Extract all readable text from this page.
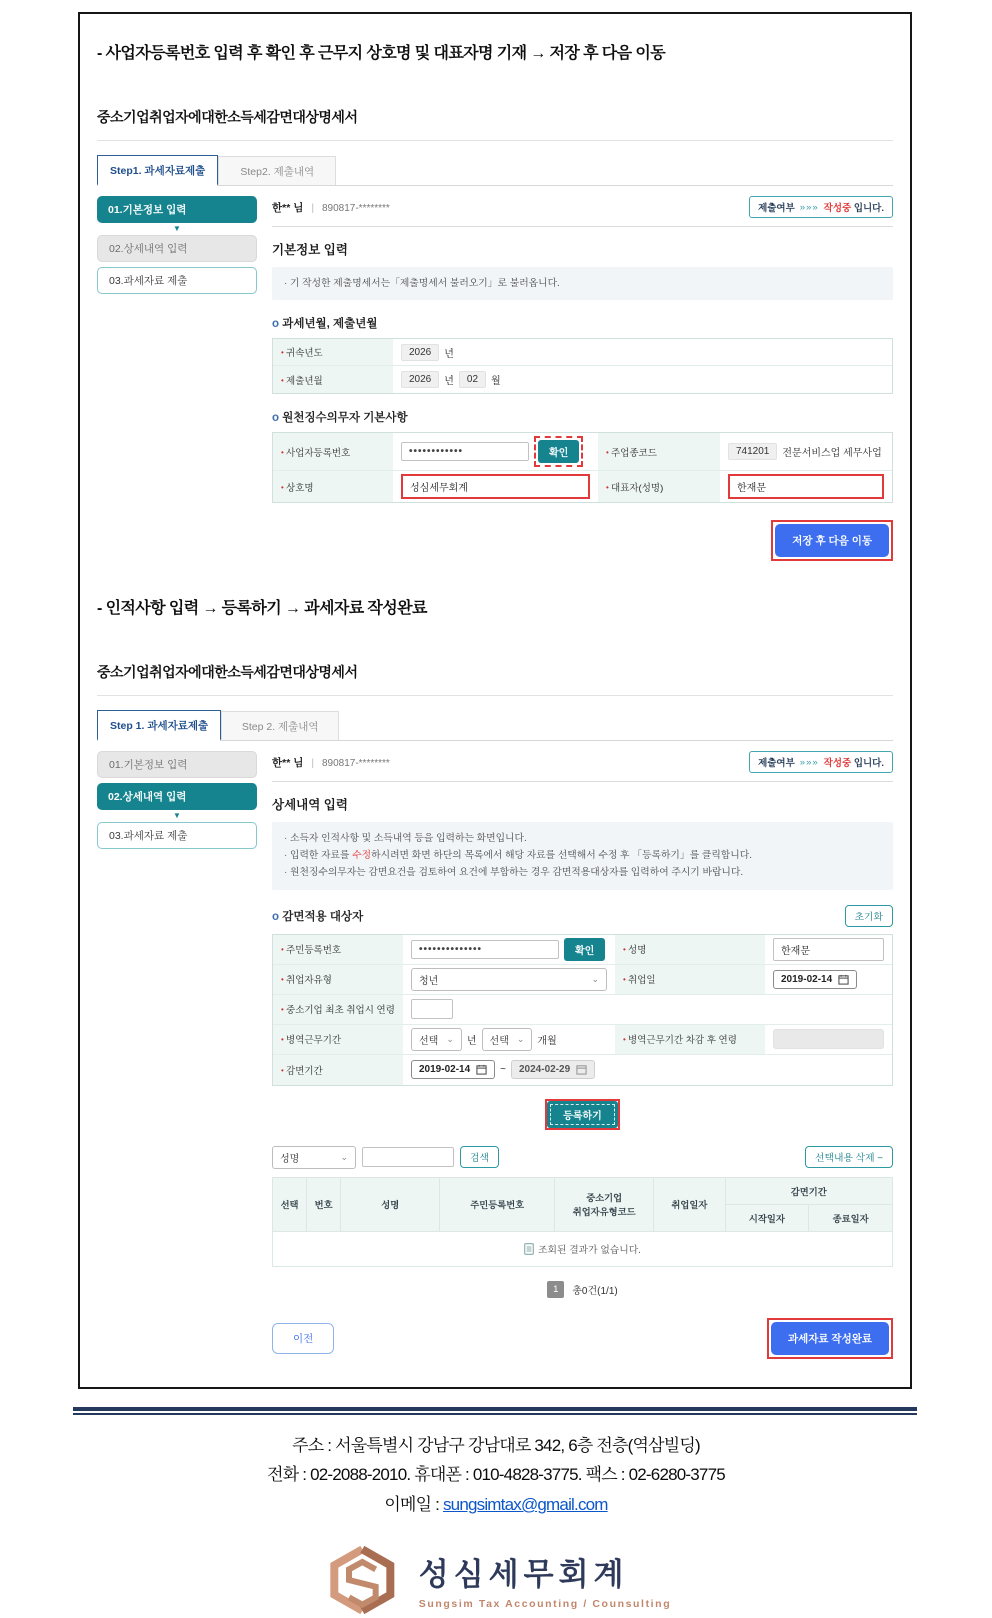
- 사업자등록번호 입력 후 확인 후 근무지 상호명 및 대표자명 기재 → 저장 후 다음 이동
중소기업취업자에대한소득세감면대상명세서
Step1. 과세자료제출	Step2. 제출내역
01.기본정보 입력
▼
02.상세내역 입력
03.과세자료 제출
한** 님 | 890817-********	제출여부 »»» 작성중 입니다.
기본정보 입력
· 기 작성한 제출명세서는「제출명세서 불러오기」로 불러옵니다.
o 과세년월, 제출년월
• 귀속년도	2026	년
• 제출년월	2026	년	02	월
o 원천징수의무자 기본사항
• 사업자등록번호	••••••••••••	확인	• 주업종코드	741201	전문서비스업 세무사업
• 상호명	성심세무회계	• 대표자(성명)	한재문
저장 후 다음 이동
- 인적사항 입력 → 등록하기 → 과세자료 작성완료
중소기업취업자에대한소득세감면대상명세서
Step 1. 과세자료제출	Step 2. 제출내역
01.기본정보 입력
02.상세내역 입력
▼
03.과세자료 제출
한** 님 | 890817-********	제출여부 »»» 작성중 입니다.
상세내역 입력
· 소득자 인적사항 및 소득내역 등을 입력하는 화면입니다.
· 입력한 자료를 수정하시려면 화면 하단의 목록에서 해당 자료를 선택해서 수정 후 「등록하기」를 클릭합니다.
· 원천징수의무자는 감면요건을 검토하여 요건에 부합하는 경우 감면적용대상자를 입력하여 주시기 바랍니다.
o 감면적용 대상자	초기화
• 주민등록번호	••••••••••••••	확인	• 성명	한재문
• 취업자유형	청년	⌄	• 취업일	2019-02-14
• 중소기업 최초 취업시 연령
• 병역근무기간	선택 ⌄ 년 선택 ⌄ 개월	• 병역근무기간 차감 후 연령
• 감면기간	2019-02-14	~ 2024-02-29
등록하기
성명	⌄	검색	선택내용 삭제 −
선택	번호	성명	주민등록번호	중소기업
취업자유형코드	취업일자	감면기간	
						시작일자	종료일자
조회된 결과가 없습니다.							
1	총0건(1/1)
이전	과세자료 작성완료
주소 : 서울특별시 강남구 강남대로 342, 6층 전층(역삼빌딩)
전화 : 02-2088-2010. 휴대폰 : 010-4828-3775. 팩스 : 02-6280-3775
이메일 : sungsimtax@gmail.com
성심세무회계
Sungsim Tax Accounting / Counsulting
